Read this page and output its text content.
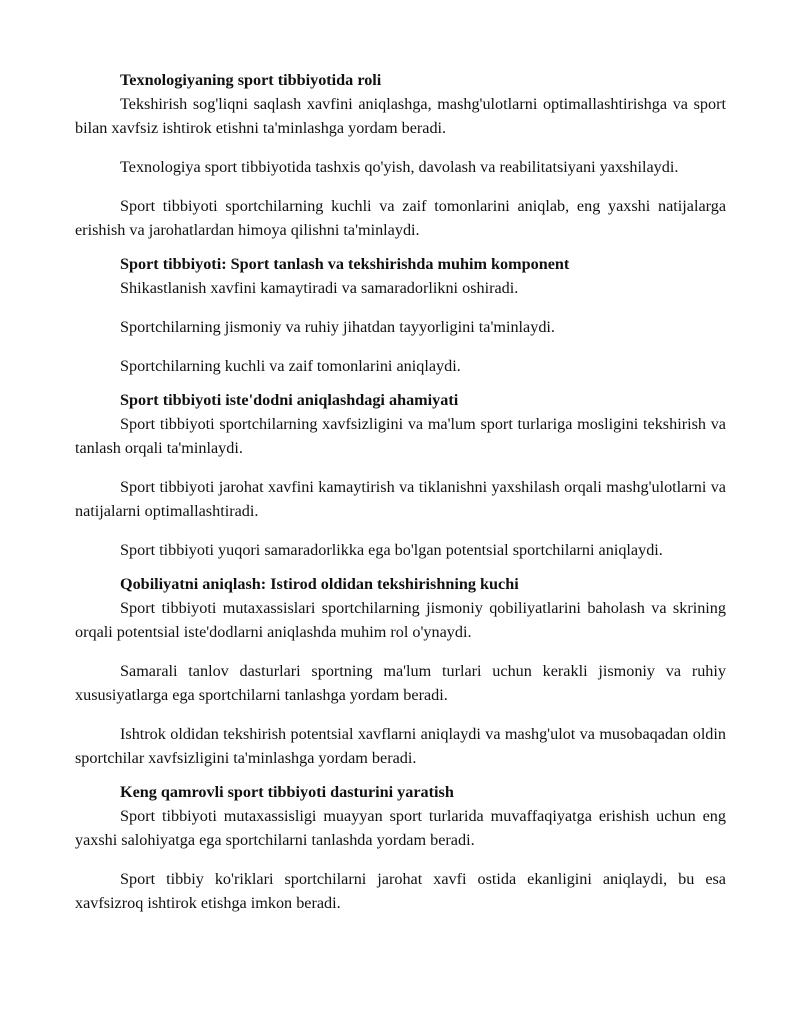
Texnologiyaning sport tibbiyotida roli

Tekshirish sog'liqni saqlash xavfini aniqlashga, mashg'ulotlarni optimallashtirishga va sport bilan xavfsiz ishtirok etishni ta'minlashga yordam beradi.

Texnologiya sport tibbiyotida tashxis qo'yish, davolash va reabilitatsiyani yaxshilaydi.

Sport tibbiyoti sportchilarning kuchli va zaif tomonlarini aniqlab, eng yaxshi natijalarga erishish va jarohatlardan himoya qilishni ta'minlaydi.

Sport tibbiyoti: Sport tanlash va tekshirishda muhim komponent

Shikastlanish xavfini kamaytiradi va samaradorlikni oshiradi.

Sportchilarning jismoniy va ruhiy jihatdan tayyorligini ta'minlaydi.

Sportchilarning kuchli va zaif tomonlarini aniqlaydi.

Sport tibbiyoti iste'dodni aniqlashdagi ahamiyati

Sport tibbiyoti sportchilarning xavfsizligini va ma'lum sport turlariga mosligini tekshirish va tanlash orqali ta'minlaydi.

Sport tibbiyoti jarohat xavfini kamaytirish va tiklanishni yaxshilash orqali mashg'ulotlarni va natijalarni optimallashtiradi.

Sport tibbiyoti yuqori samaradorlikka ega bo'lgan potentsial sportchilarni aniqlaydi.

Qobiliyatni aniqlash: Istirod oldidan tekshirishning kuchi

Sport tibbiyoti mutaxassislari sportchilarning jismoniy qobiliyatlarini baholash va skrining orqali potentsial iste'dodlarni aniqlashda muhim rol o'ynaydi.

Samarali tanlov dasturlari sportning ma'lum turlari uchun kerakli jismoniy va ruhiy xususiyatlarga ega sportchilarni tanlashga yordam beradi.

Ishtrok oldidan tekshirish potentsial xavflarni aniqlaydi va mashg'ulot va musobaqadan oldin sportchilar xavfsizligini ta'minlashga yordam beradi.

Keng qamrovli sport tibbiyoti dasturini yaratish

Sport tibbiyoti mutaxassisligi muayyan sport turlarida muvaffaqiyatga erishish uchun eng yaxshi salohiyatga ega sportchilarni tanlashda yordam beradi.

Sport tibbiy ko'riklari sportchilarni jarohat xavfi ostida ekanligini aniqlaydi, bu esa xavfsizroq ishtirok etishga imkon beradi.
